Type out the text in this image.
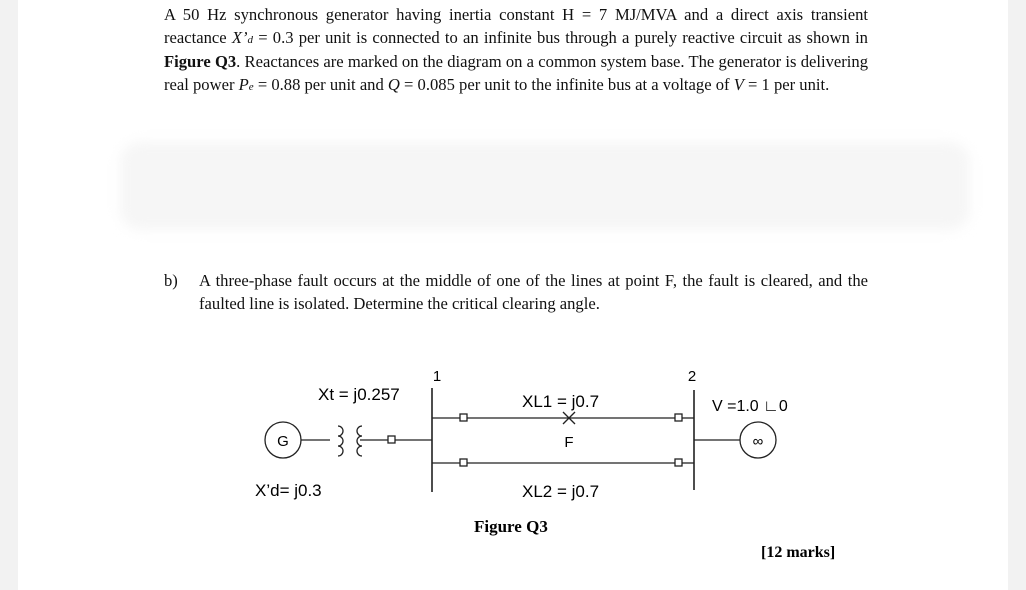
A 50 Hz synchronous generator having inertia constant H = 7 MJ/MVA and a direct axis transient reactance X’d = 0.3 per unit is connected to an infinite bus through a purely reactive circuit as shown in Figure Q3. Reactances are marked on the diagram on a common system base. The generator is delivering real power Pe = 0.88 per unit and Q = 0.085 per unit to the infinite bus at a voltage of V = 1 per unit.
b) A three-phase fault occurs at the middle of one of the lines at point F, the fault is cleared, and the faulted line is isolated. Determine the critical clearing angle.
G	∞
1	2
Xt = j0.257
X’d= j0.3
XL1 = j0.7
F
XL2 = j0.7
V =1.0 ∟0
Figure Q3
[12 marks]
